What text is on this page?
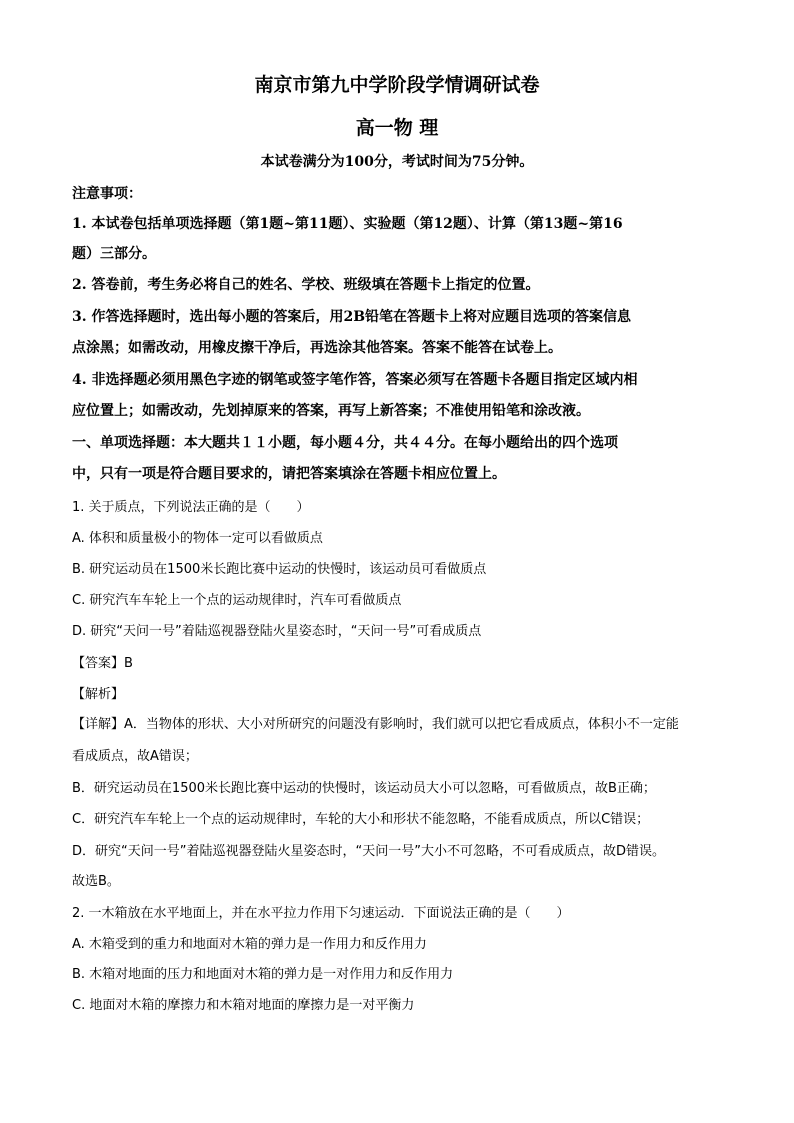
南京市第九中学阶段学情调研试卷
高一物 理
本试卷满分为100分，考试时间为75分钟。
注意事项：
1. 本试卷包括单项选择题（第1题~第11题）、实验题（第12题）、计算（第13题~第16
题）三部分。
2. 答卷前，考生务必将自己的姓名、学校、班级填在答题卡上指定的位置。
3. 作答选择题时，选出每小题的答案后，用2B铅笔在答题卡上将对应题目选项的答案信息
点涂黑；如需改动，用橡皮擦干净后，再选涂其他答案。答案不能答在试卷上。
4. 非选择题必须用黑色字迹的钢笔或签字笔作答，答案必须写在答题卡各题目指定区域内相
应位置上；如需改动，先划掉原来的答案，再写上新答案；不准使用铅笔和涂改液。
一、单项选择题：本大题共１１小题，每小题４分，共４４分。在每小题给出的四个选项
中，只有一项是符合题目要求的，请把答案填涂在答题卡相应位置上。
1. 关于质点，下列说法正确的是（　　）
A. 体积和质量极小的物体一定可以看做质点
B. 研究运动员在1500米长跑比赛中运动的快慢时，该运动员可看做质点
C. 研究汽车车轮上一个点的运动规律时，汽车可看做质点
D. 研究“天问一号”着陆巡视器登陆火星姿态时，“天问一号”可看成质点
【答案】B
【解析】
【详解】A．当物体的形状、大小对所研究的问题没有影响时，我们就可以把它看成质点，体积小不一定能
看成质点，故A错误；
B．研究运动员在1500米长跑比赛中运动的快慢时，该运动员大小可以忽略，可看做质点，故B正确；
C．研究汽车车轮上一个点的运动规律时，车轮的大小和形状不能忽略，不能看成质点，所以C错误；
D．研究“天问一号”着陆巡视器登陆火星姿态时，“天问一号”大小不可忽略，不可看成质点，故D错误。
故选B。
2. 一木箱放在水平地面上，并在水平拉力作用下匀速运动．下面说法正确的是（　　）
A. 木箱受到的重力和地面对木箱的弹力是一作用力和反作用力
B. 木箱对地面的压力和地面对木箱的弹力是一对作用力和反作用力
C. 地面对木箱的摩擦力和木箱对地面的摩擦力是一对平衡力
